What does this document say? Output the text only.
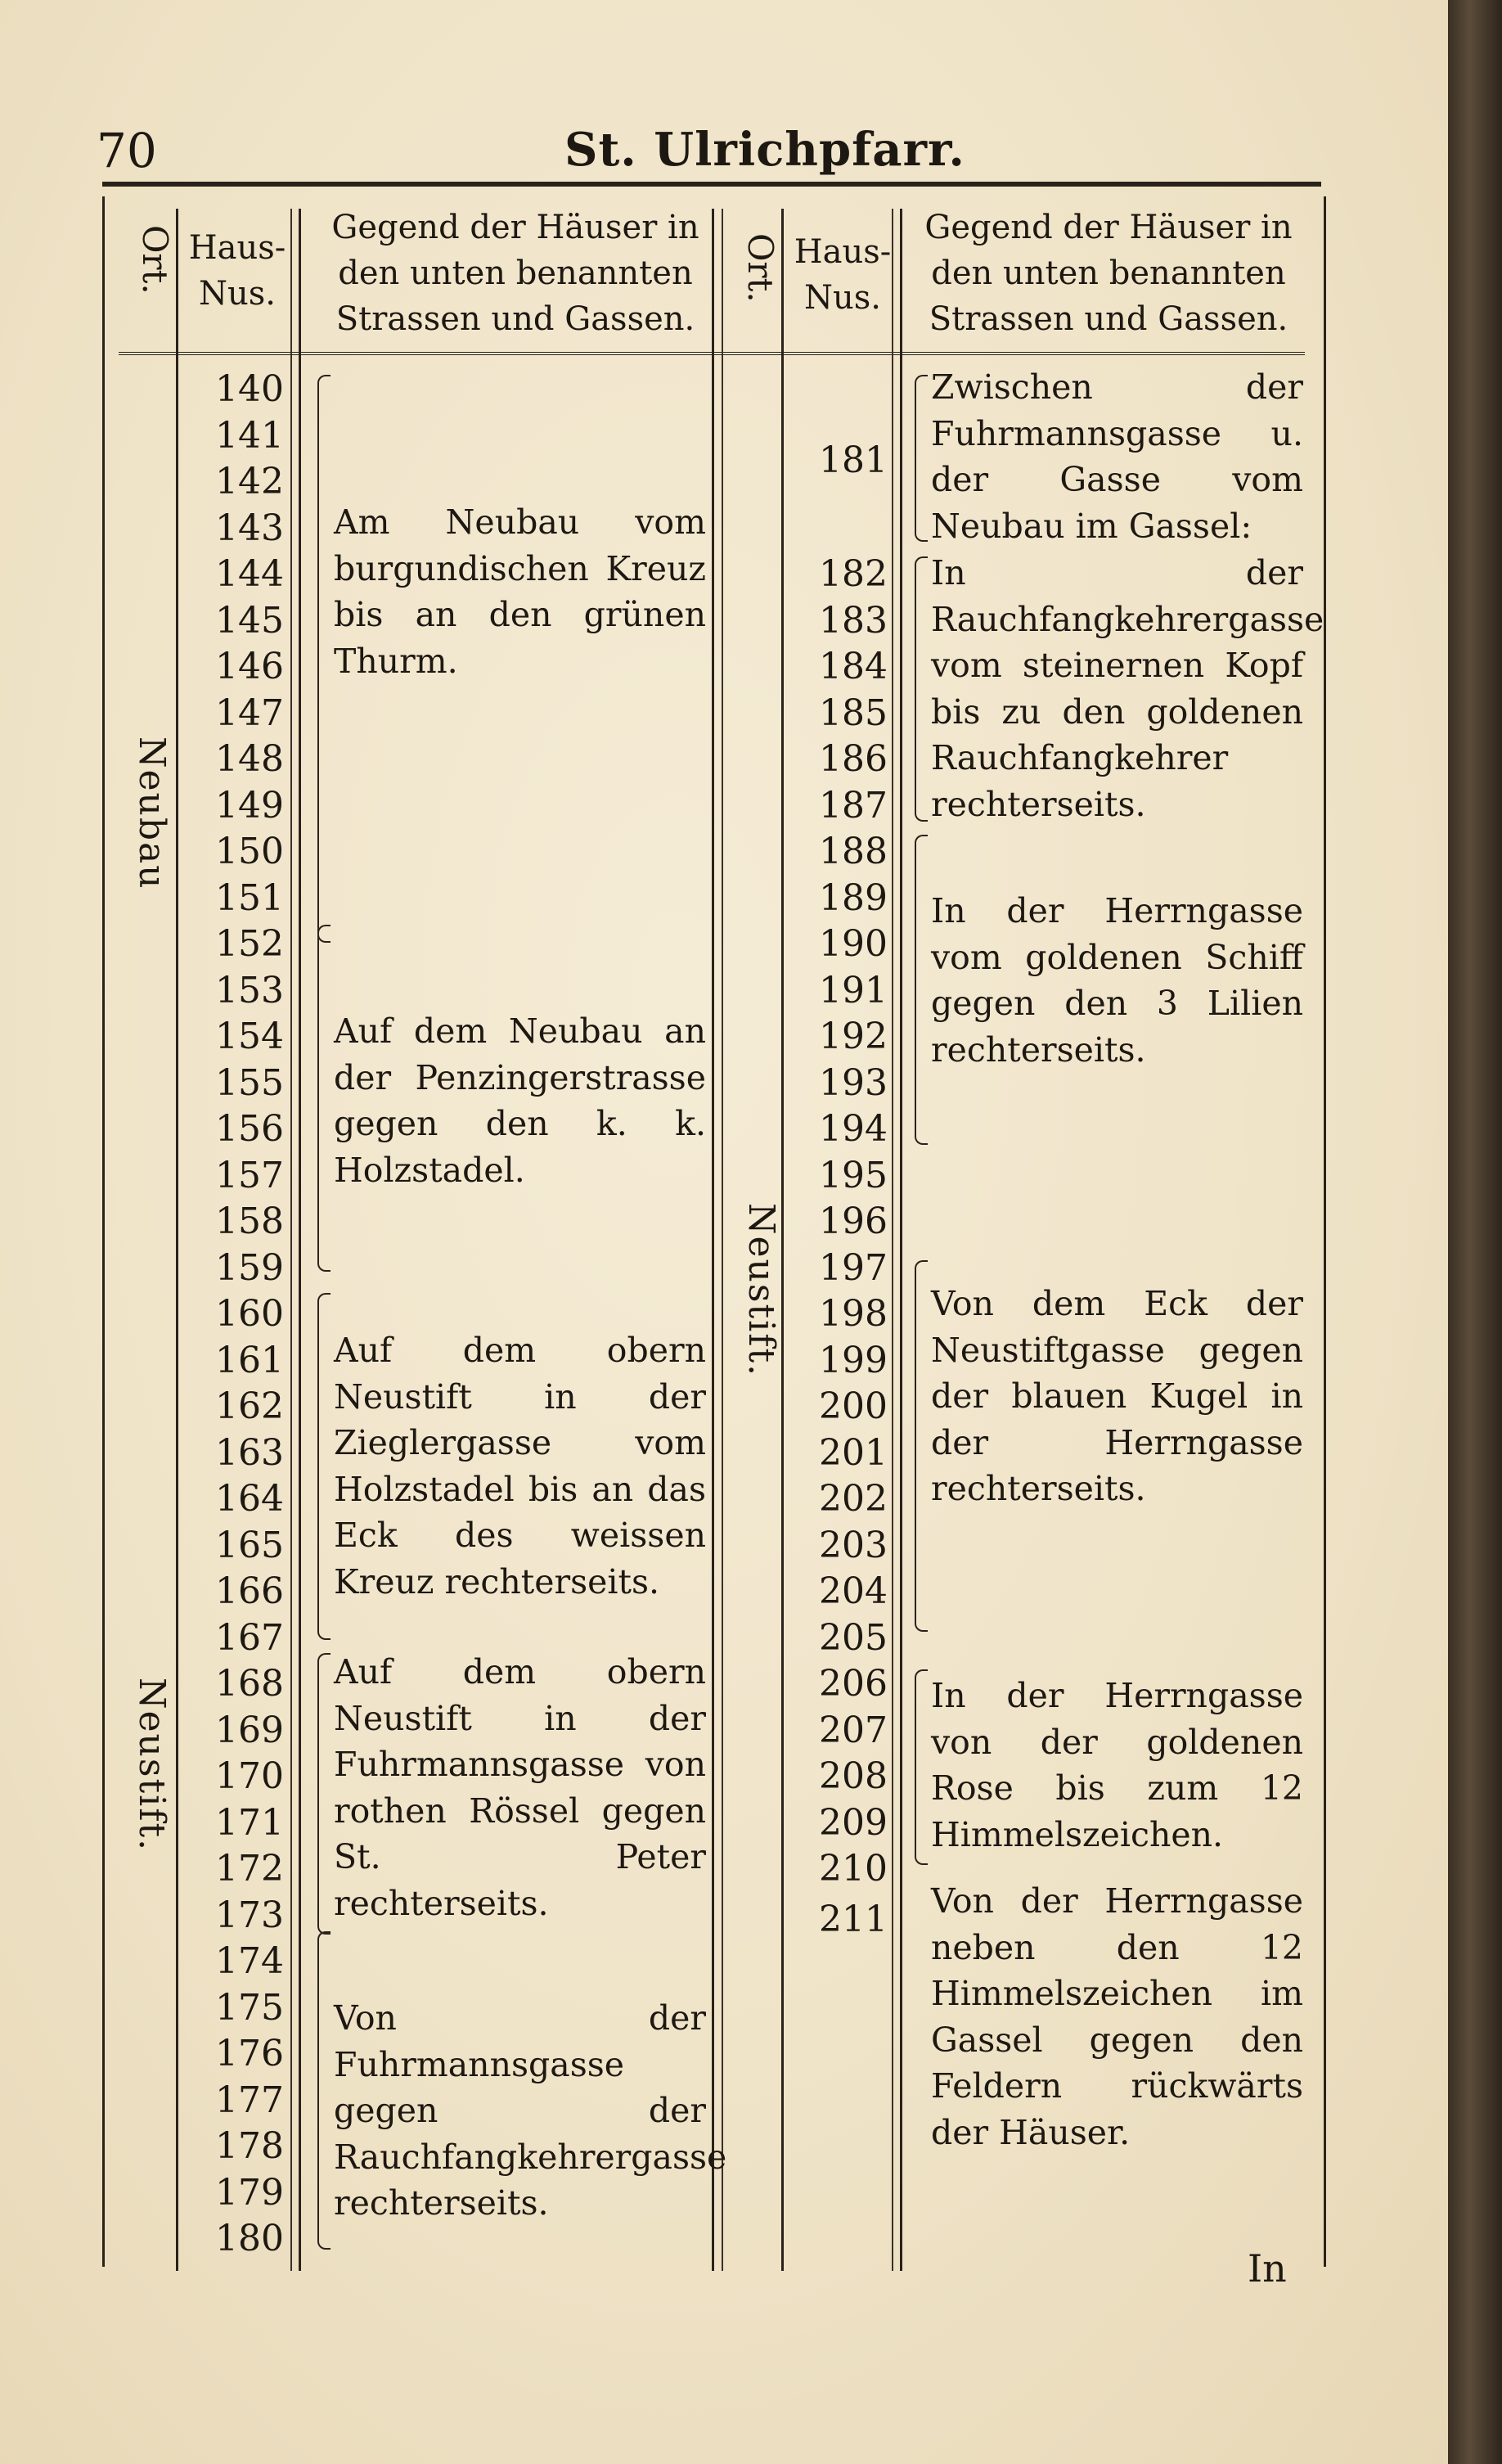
70	St. Ulrichpfarr.
Ort. Haus-
Nus.
Gegend der Häuser in den unten benannten Strassen und Gassen.
Ort. Haus-
Nus.
Gegend der Häuser in den unten benannten Strassen und Gassen.
Neubau
Neustift.
Neustift.
140
141
142
143
144
145
146
147
148
149
150
151
152
153
154
155
156
157
158
159
160
161
162
163
164
165
166
167
168
169
170
171
172
173
174
175
176
177
178
179
180
181
182
183
184
185
186
187
188
189
190
191
192
193
194
195
196
197
198
199
200
201
202
203
204
205
206
207
208
209
210
211
Am Neubau vom burgundischen Kreuz bis an den grünen Thurm.
Auf dem Neubau an der Penzingerstrasse gegen den k. k. Holzstadel.
Auf dem obern Neustift in der Zieglergasse vom Holzstadel bis an das Eck des weissen Kreuz rechterseits.
Auf dem obern Neustift in der Fuhrmannsgasse von rothen Rössel gegen St. Peter rechterseits.
Von der Fuhrmannsgasse gegen der Rauchfangkehrergasse rechterseits.
Zwischen der Fuhrmannsgasse u. der Gasse vom Neubau im Gassel:
In der Rauchfangkehrergasse vom steinernen Kopf bis zu den goldenen Rauchfangkehrer rechterseits.
In der Herrngasse vom goldenen Schiff gegen den 3 Lilien rechterseits.
Von dem Eck der Neustiftgasse gegen der blauen Kugel in der Herrngasse rechterseits.
In der Herrngasse von der goldenen Rose bis zum 12 Himmelszeichen.
Von der Herrngasse neben den 12 Himmelszeichen im Gassel gegen den Feldern rückwärts der Häuser.
In
